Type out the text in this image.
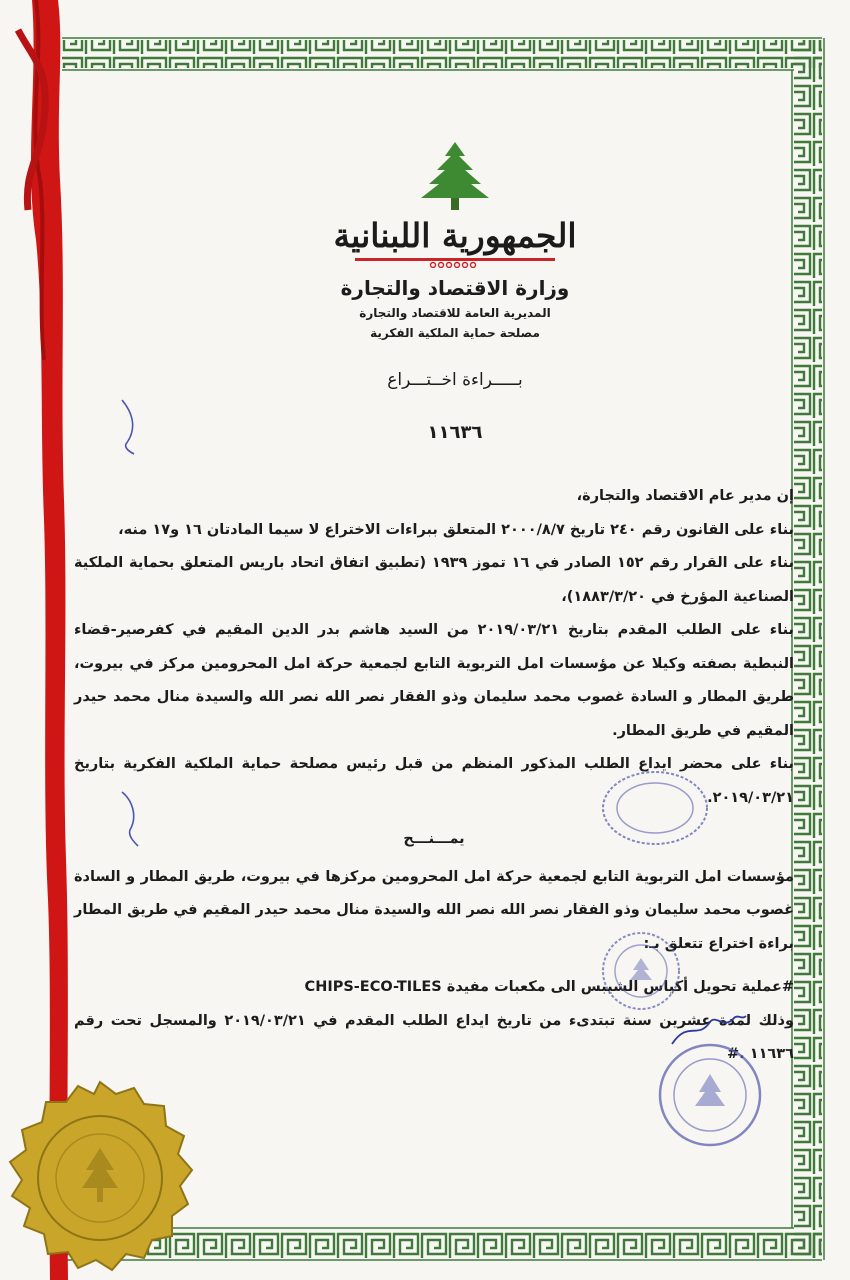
الجمهورية اللبنانية
وزارة الاقتصاد والتجارة
المديرية العامة للاقتصاد والتجارة
مصلحة حماية الملكية الفكرية
بـــــراءة اخــتـــراع
١١٦٣٦

إن مدير عام الاقتصاد والتجارة،

بناء على القانون رقم ٢٤٠ تاريخ ٢٠٠٠/٨/٧ المتعلق ببراءات الاختراع لا سيما المادتان ١٦ و١٧ منه،

بناء على القرار رقم ١٥٢ الصادر في ١٦ تموز ١٩٣٩ (تطبيق اتفاق اتحاد باريس المتعلق بحماية الملكية الصناعية المؤرخ في ١٨٨٣/٣/٢٠)،

بناء على الطلب المقدم بتاريخ ٢٠١٩/٠٣/٢١ من السيد هاشم بدر الدين المقيم في كفرصير-قضاء النبطية بصفته وكيلا عن مؤسسات امل التربوية التابع لجمعية حركة امل المحرومين مركز في بيروت، طريق المطار و السادة غصوب محمد سليمان وذو الفقار نصر الله نصر الله والسيدة منال محمد حيدر المقيم في طريق المطار.

بناء على محضر ايداع الطلب المذكور المنظم من قبل رئيس مصلحة حماية الملكية الفكرية بتاريخ ٢٠١٩/٠٣/٢١.

يمـــنـــح

مؤسسات امل التربوية التابع لجمعية حركة امل المحرومين مركزها في بيروت، طريق المطار و السادة غصوب محمد سليمان وذو الفقار نصر الله نصر الله والسيدة منال محمد حيدر المقيم في طريق المطار

براءة اختراع تتعلق بـ:

#عملية تحويل أكياس الشيبس الى مكعبات مفيدة CHIPS-ECO-TILES

وذلك لمدة عشرين سنة تبتدىء من تاريخ ايداع الطلب المقدم في ٢٠١٩/٠٣/٢١ والمسجل تحت رقم ١١٦٣٦ .#
